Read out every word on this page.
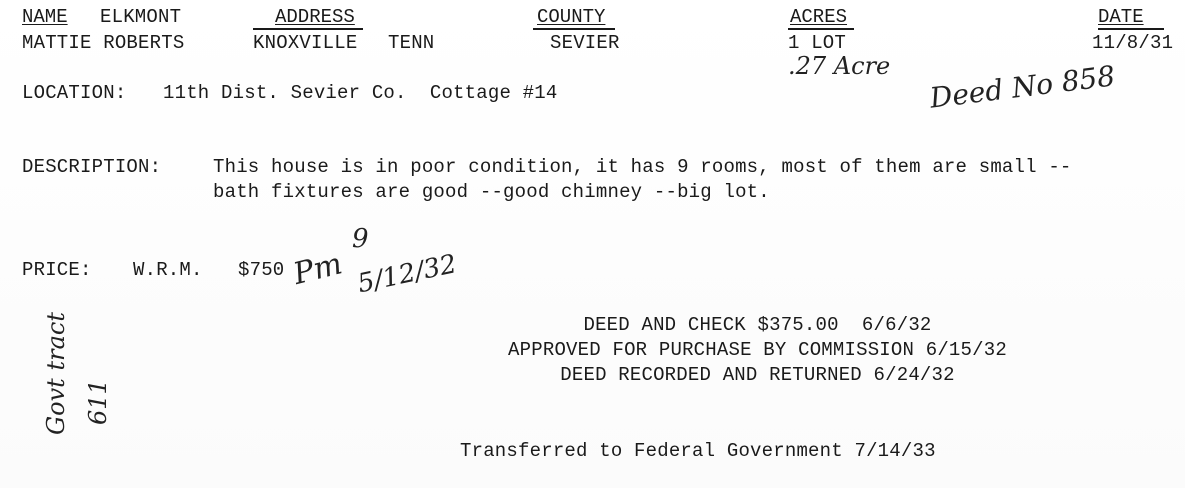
NAME ELKMONT	ADDRESS	COUNTY	ACRES	DATE
MATTIE ROBERTS	KNOXVILLE TENN	SEVIER	1 LOT	11/8/31
.27 Acre Deed No 858
LOCATION: 11th Dist. Sevier Co.  Cottage #14
DESCRIPTION:	This house is in poor condition, it has 9 rooms, most of them are small --
bath fixtures are good --good chimney --big lot.
PRICE: W.R.M. $750 Pm
9
5/12/32
Govt tract 611
DEED AND CHECK $375.00  6/6/32
APPROVED FOR PURCHASE BY COMMISSION 6/15/32
DEED RECORDED AND RETURNED 6/24/32
Transferred to Federal Government 7/14/33
